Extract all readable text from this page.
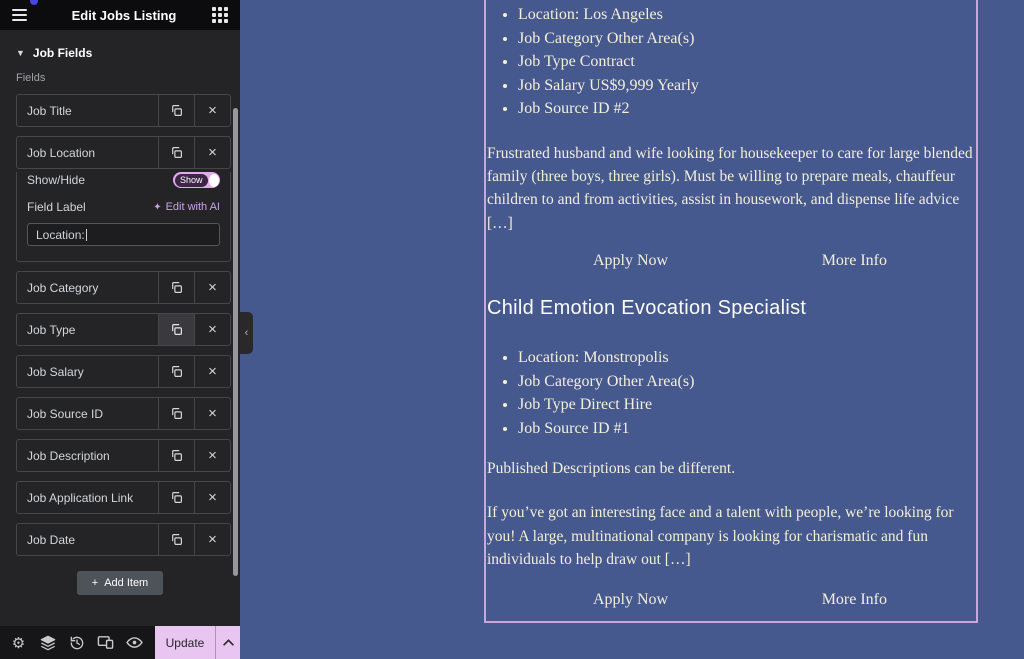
Edit Jobs Listing
▼ Job Fields
Fields
Job Title	×
Job Location	×
Show/Hide	Show
Field Label	✦ Edit with AI
Location:
Job Category	×
Job Type	×
Job Salary	×
Job Source ID	×
Job Description	×
Job Application Link	×
Job Date	×
+ Add Item
⚙	Update
‹
• Location: Los Angeles
• Job Category Other Area(s)
• Job Type Contract
• Job Salary US$9,999 Yearly
• Job Source ID #2

Frustrated husband and wife looking for housekeeper to care for large blended family (three boys, three girls). Must be willing to prepare meals, chauffeur children to and from activities, assist in housework, and dispense life advice […]

Apply Now	More Info
Child Emotion Evocation Specialist
• Location: Monstropolis
• Job Category Other Area(s)
• Job Type Direct Hire
• Job Source ID #1

Published Descriptions can be different.

If you’ve got an interesting face and a talent with people, we’re looking for you! A large, multinational company is looking for charismatic and fun individuals to help draw out […]

Apply Now	More Info
